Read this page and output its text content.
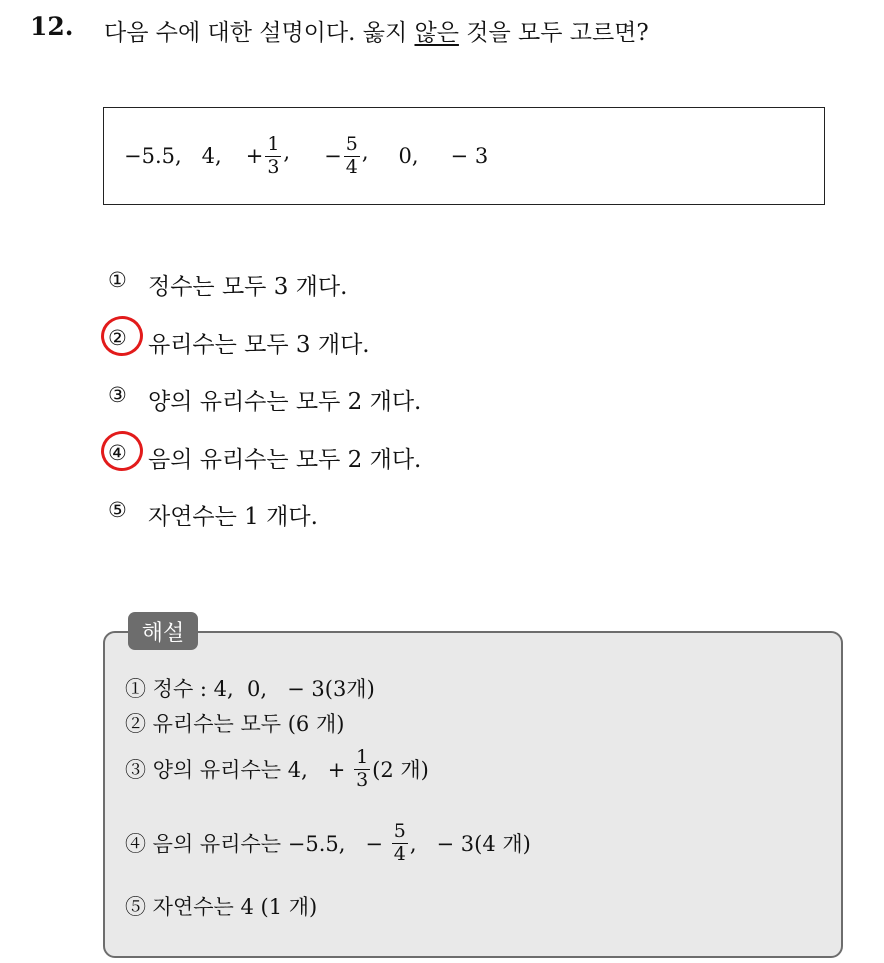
12. 다음 수에 대한 설명이다. 옳지 않은 것을 모두 고르면?
−5.5, 4, + $\frac{1}{3}$ , − $\frac{5}{4}$ , 0, − 3
① 정수는 모두 3 개다.
② 유리수는 모두 3 개다.
③ 양의 유리수는 모두 2 개다.
④ 음의 유리수는 모두 2 개다.
⑤ 자연수는 1 개다.
해설
① 정수 : 4,  0,   − 3(3개)
② 유리수는 모두 (6 개)
③ 양의 유리수는 4,   + $\frac{1}{3} (2$ 개)
④ 음의 유리수는 −5.5,   − $\frac{5}{4}$ ,   − 3(4 개)
⑤ 자연수는 4 (1 개)
